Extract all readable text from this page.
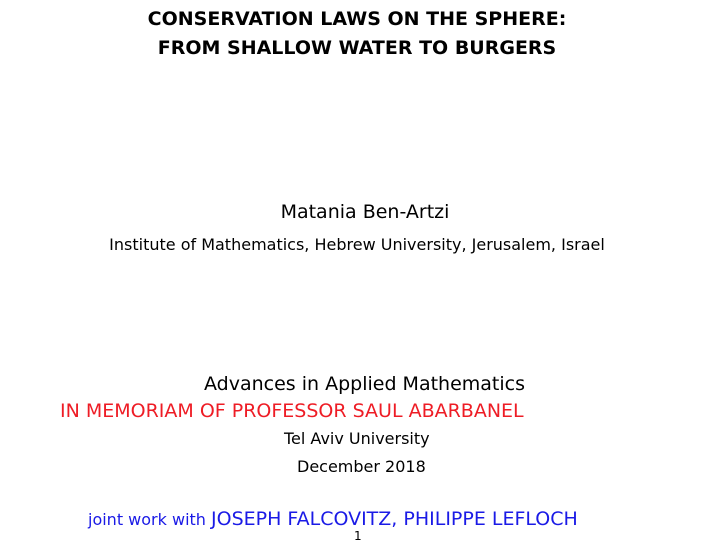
CONSERVATION LAWS ON THE SPHERE:
FROM SHALLOW WATER TO BURGERS
Matania Ben-Artzi
Institute of Mathematics, Hebrew University, Jerusalem, Israel
Advances in Applied Mathematics
IN MEMORIAM OF PROFESSOR SAUL ABARBANEL
Tel Aviv University
December 2018
joint work with JOSEPH FALCOVITZ, PHILIPPE LEFLOCH
1
